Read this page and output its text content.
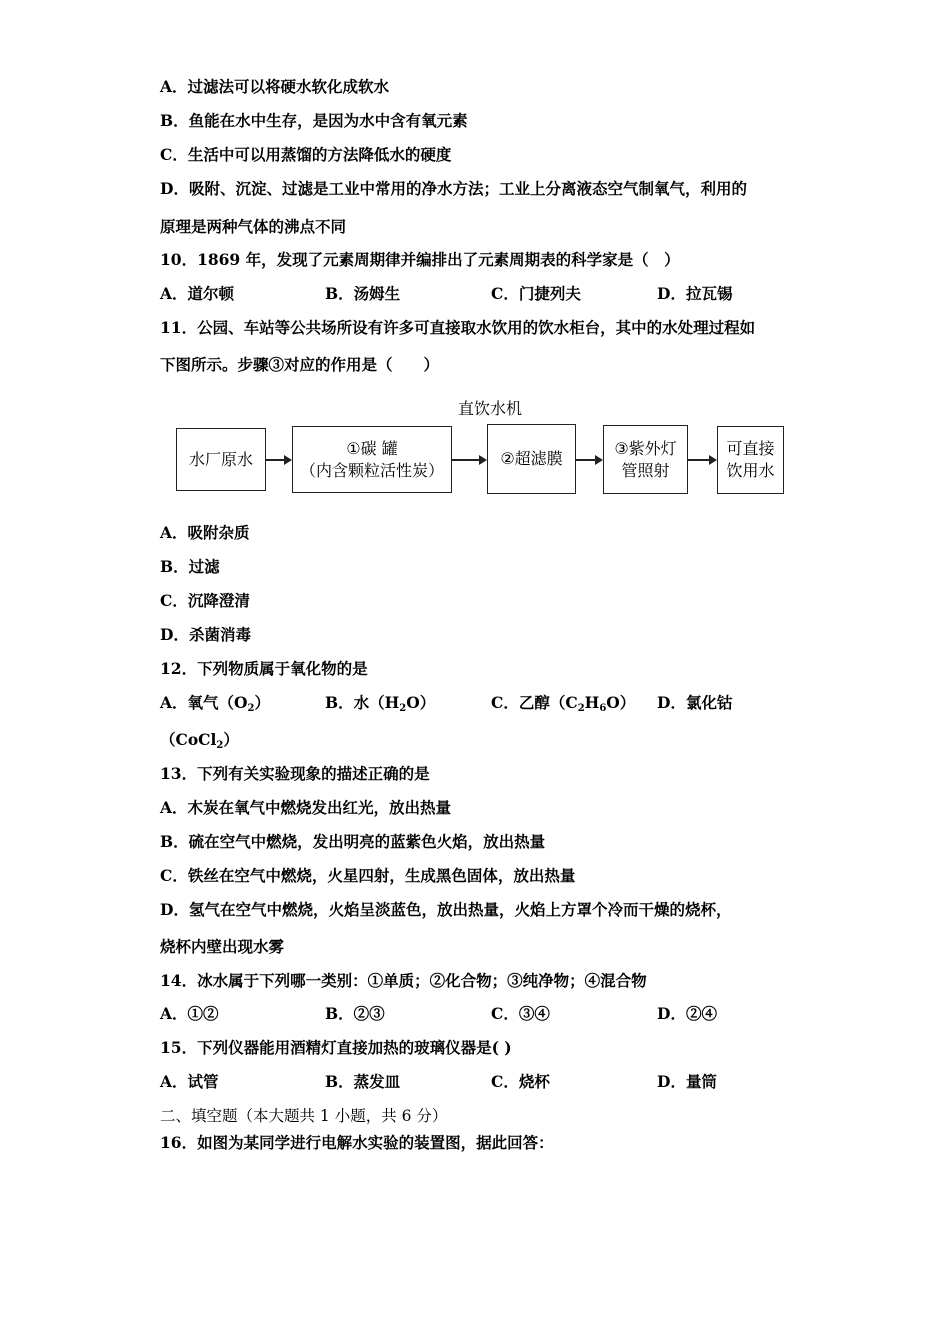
A．过滤法可以将硬水软化成软水
B．鱼能在水中生存，是因为水中含有氧元素
C．生活中可以用蒸馏的方法降低水的硬度
D．吸附、沉淀、过滤是工业中常用的净水方法；工业上分离液态空气制氧气，利用的
原理是两种气体的沸点不同
10．1869 年，发现了元素周期律并编排出了元素周期表的科学家是（　）
A．道尔顿	B．汤姆生	C．门捷列夫	D．拉瓦锡
11．公园、车站等公共场所设有许多可直接取水饮用的饮水柜台，其中的水处理过程如
下图所示。步骤③对应的作用是（　　）
直饮水机
水厂原水
①碳 罐
（内含颗粒活性炭）
②超滤膜
③紫外灯
管照射
可直接
饮用水
A．吸附杂质
B．过滤
C．沉降澄清
D．杀菌消毒
12．下列物质属于氧化物的是
A．氧气$(O_2)$	B．水$(H_2O)$	C．乙醇$(C_2H_6O)$ D．氯化钴
（CoCl$_2$）
13．下列有关实验现象的描述正确的是
A．木炭在氧气中燃烧发出红光，放出热量
B．硫在空气中燃烧，发出明亮的蓝紫色火焰，放出热量
C．铁丝在空气中燃烧，火星四射，生成黑色固体，放出热量
D．氢气在空气中燃烧，火焰呈淡蓝色，放出热量，火焰上方罩个冷而干燥的烧杯，
烧杯内壁出现水雾
14．冰水属于下列哪一类别：①单质；②化合物；③纯净物；④混合物
A．①②	B．②③	C．③④	D．②④
15．下列仪器能用酒精灯直接加热的玻璃仪器是( )
A．试管	B．蒸发皿	C．烧杯	D．量筒
二、填空题（本大题共 1 小题，共 6 分）
16．如图为某同学进行电解水实验的装置图，据此回答：
